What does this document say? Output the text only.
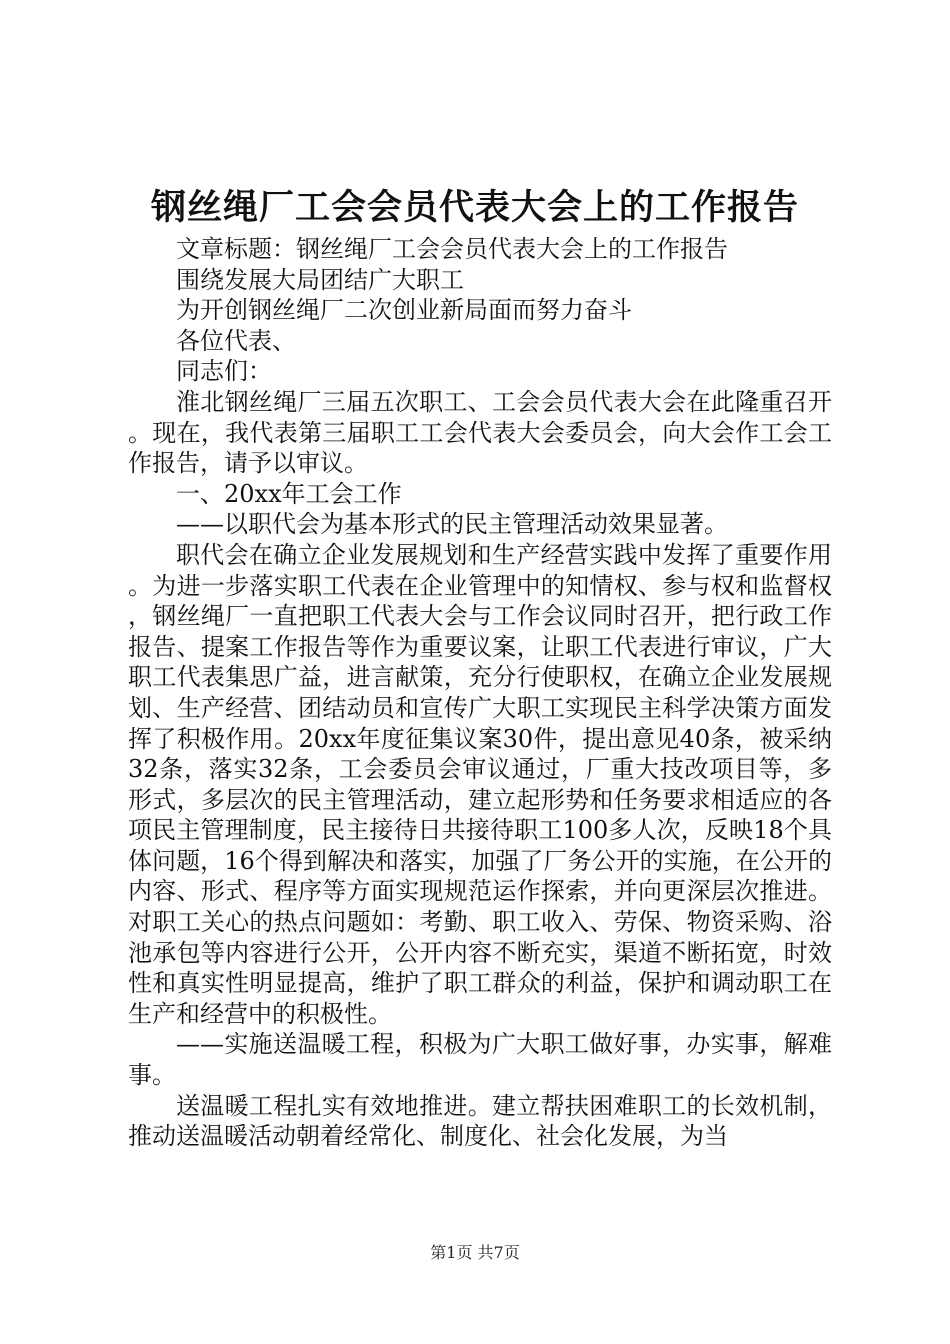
钢丝绳厂工会会员代表大会上的工作报告
文章标题：钢丝绳厂工会会员代表大会上的工作报告
围绕发展大局团结广大职工
为开创钢丝绳厂二次创业新局面而努力奋斗
各位代表、
同志们：
淮北钢丝绳厂三届五次职工、工会会员代表大会在此隆重召开。现在，我代表第三届职工工会代表大会委员会，向大会作工会工作报告，请予以审议。
一、20xx年工会工作
——以职代会为基本形式的民主管理活动效果显著。
职代会在确立企业发展规划和生产经营实践中发挥了重要作用。为进一步落实职工代表在企业管理中的知情权、参与权和监督权，钢丝绳厂一直把职工代表大会与工作会议同时召开，把行政工作报告、提案工作报告等作为重要议案，让职工代表进行审议，广大职工代表集思广益，进言献策，充分行使职权，在确立企业发展规划、生产经营、团结动员和宣传广大职工实现民主科学决策方面发挥了积极作用。20xx年度征集议案30件，提出意见40条，被采纳32条，落实32条，工会委员会审议通过，厂重大技改项目等，多形式，多层次的民主管理活动，建立起形势和任务要求相适应的各项民主管理制度，民主接待日共接待职工100多人次，反映18个具体问题，16个得到解决和落实，加强了厂务公开的实施，在公开的内容、形式、程序等方面实现规范运作探索，并向更深层次推进。对职工关心的热点问题如：考勤、职工收入、劳保、物资采购、浴池承包等内容进行公开，公开内容不断充实，渠道不断拓宽，时效性和真实性明显提高，维护了职工群众的利益，保护和调动职工在生产和经营中的积极性。
——实施送温暖工程，积极为广大职工做好事，办实事，解难事。
送温暖工程扎实有效地推进。建立帮扶困难职工的长效机制，推动送温暖活动朝着经常化、制度化、社会化发展，为当
第1页 共7页
